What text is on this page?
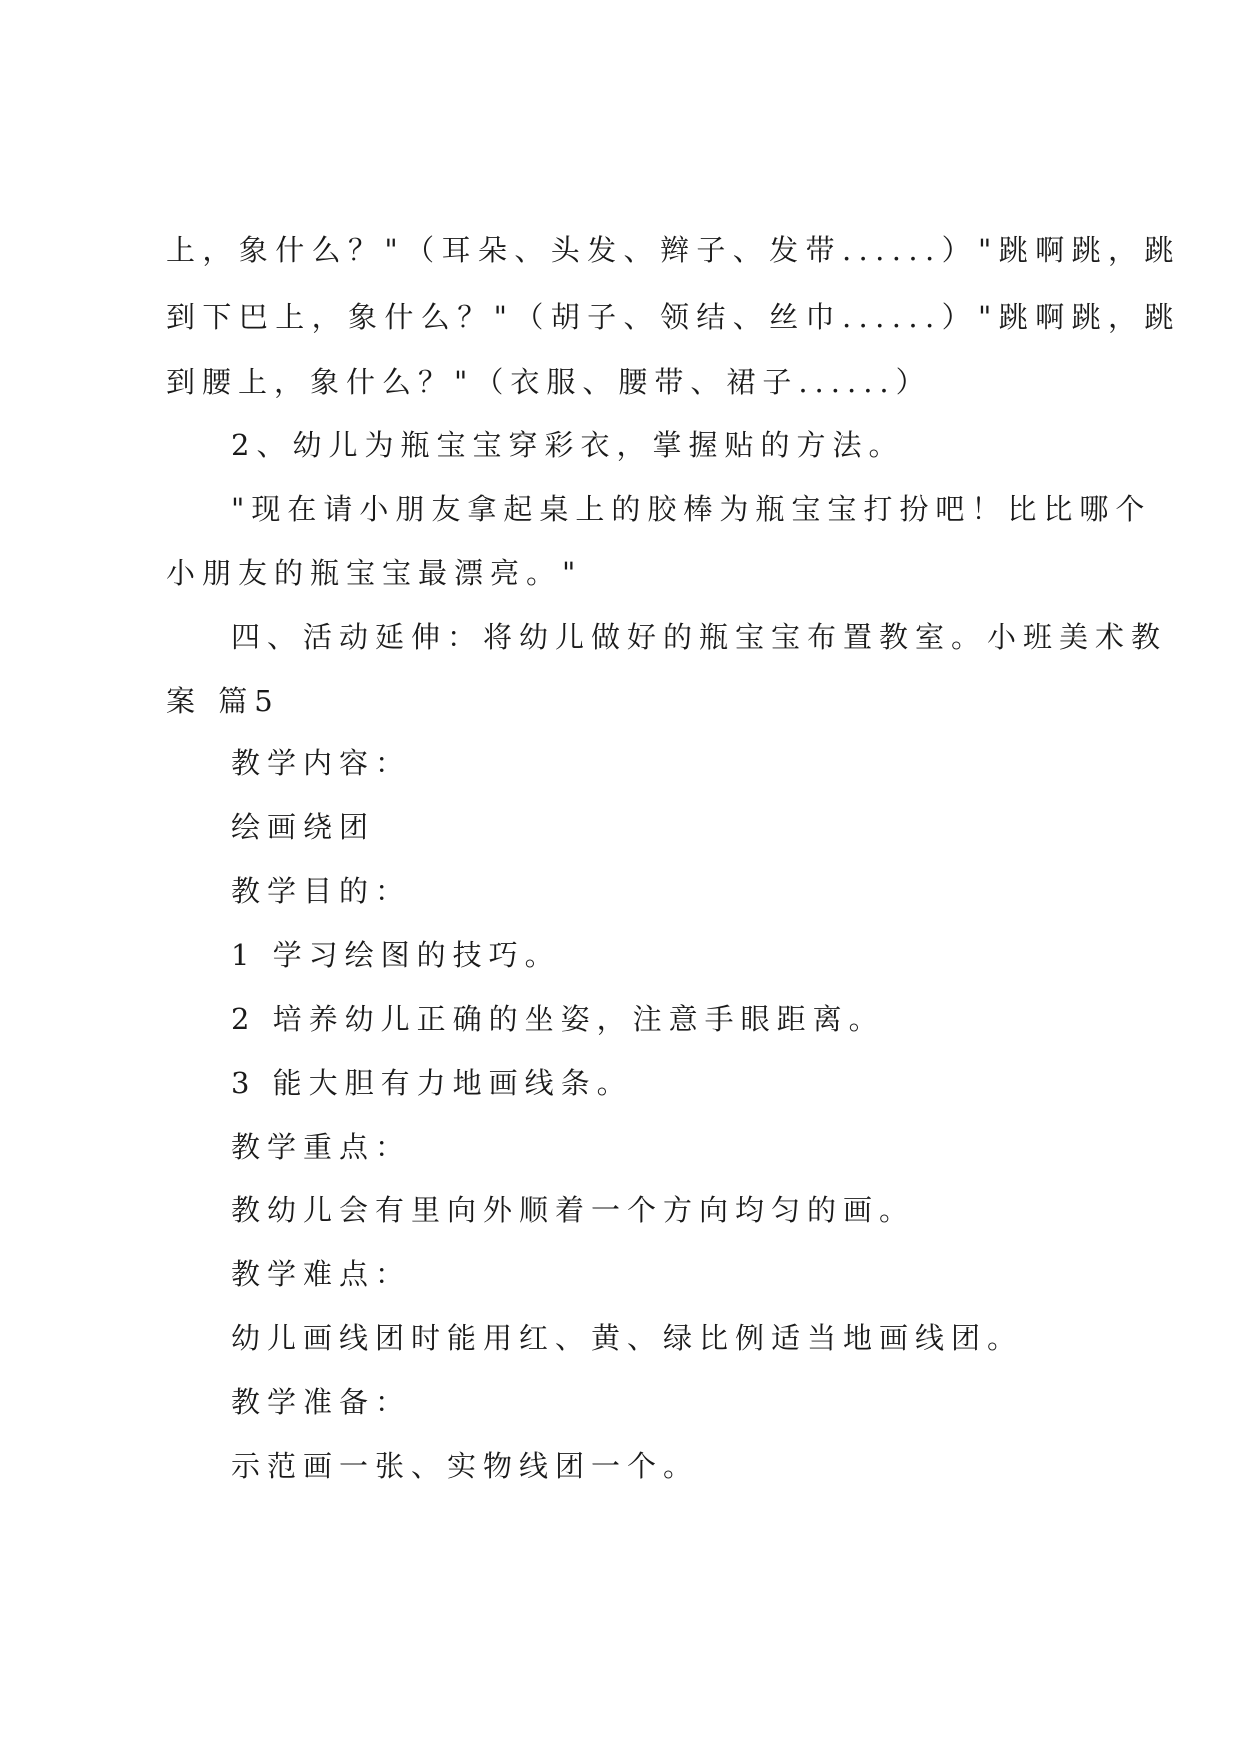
上，象什么？"（耳朵、头发、辫子、发带......）"跳啊跳，跳
到下巴上，象什么？"（胡子、领结、丝巾......）"跳啊跳，跳
到腰上，象什么？"（衣服、腰带、裙子......）
2、幼儿为瓶宝宝穿彩衣，掌握贴的方法。
"现在请小朋友拿起桌上的胶棒为瓶宝宝打扮吧！比比哪个
小朋友的瓶宝宝最漂亮。"
四、活动延伸：将幼儿做好的瓶宝宝布置教室。小班美术教
案 篇5
教学内容：
绘画绕团
教学目的：
1 学习绘图的技巧。
2 培养幼儿正确的坐姿，注意手眼距离。
3 能大胆有力地画线条。
教学重点：
教幼儿会有里向外顺着一个方向均匀的画。
教学难点：
幼儿画线团时能用红、黄、绿比例适当地画线团。
教学准备：
示范画一张、实物线团一个。
